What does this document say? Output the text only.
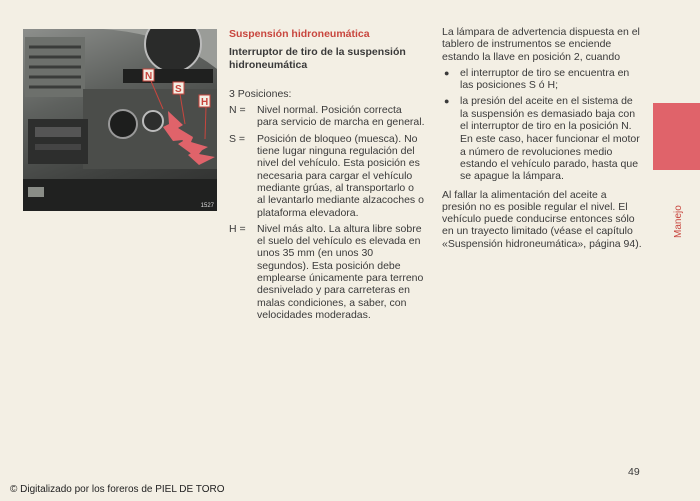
N
S
H
1527
Suspensión hidroneumática
Interruptor de tiro de la suspensión hidroneumática
3 Posiciones:
N =	Nivel normal. Posición correcta para servicio de marcha en general.
S =	Posición de bloqueo (muesca). No tiene lugar ninguna regulación del nivel del vehículo. Esta posición es necesaria para cargar el vehículo mediante grúas, al transportarlo o al levantarlo mediante alzacoches o plataforma elevadora.
H =	Nivel más alto. La altura libre sobre el suelo del vehículo es elevada en unos 35 mm (en unos 30 segundos). Esta posición debe emplearse únicamente para terreno desnivelado y para carreteras en malas condiciones, a saber, con velocidades moderadas.
La lámpara de advertencia dispuesta en el tablero de instrumentos se enciende estando la llave en posición 2, cuando
●	el interruptor de tiro se encuentra en las posiciones S ó H;
●	la presión del aceite en el sistema de la suspensión es demasiado baja con el interruptor de tiro en la posición N.
En este caso, hacer funcionar el motor a número de revoluciones medio estando el vehículo parado, hasta que se apague la lámpara.
Al fallar la alimentación del aceite a presión no es posible regular el nivel. El vehículo puede conducirse entonces sólo en un trayecto limitado (véase el capítulo «Suspensión hidroneumática», página 94).
Manejo
49
© Digitalizado por los foreros de PIEL DE TORO
